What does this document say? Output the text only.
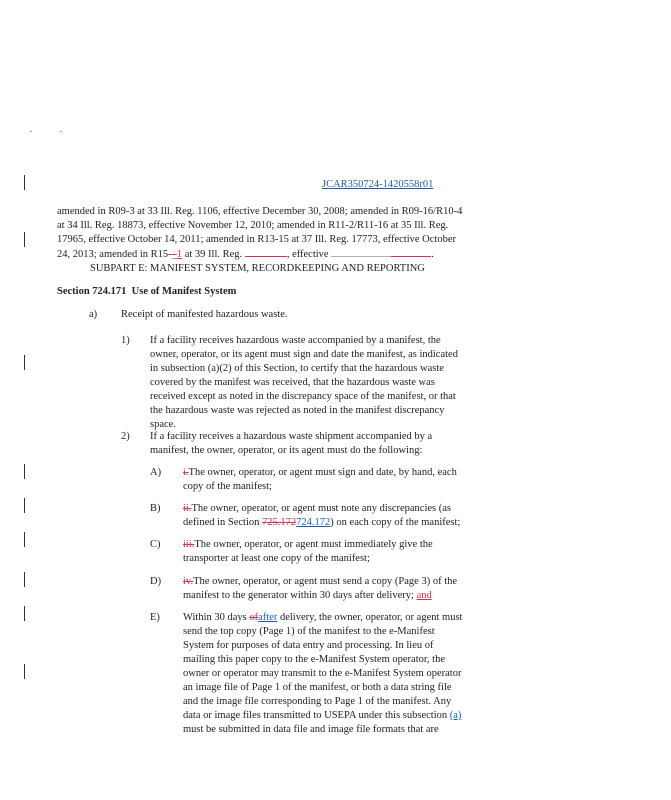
JCAR350724-1420558r01
amended in R09-3 at 33 Ill. Reg. 1106, effective December 30, 2008; amended in R09-16/R10-4
at 34 Ill. Reg. 18873, effective November 12, 2010; amended in R11-2/R11-16 at 35 Ill. Reg.
17965, effective October 14, 2011; amended in R13-15 at 37 Ill. Reg. 17773, effective October
24, 2013; amended in R15-_1 at 39 Ill. Reg.	, effective	.
SUBPART E: MANIFEST SYSTEM, RECORDKEEPING AND REPORTING
Section 724.171 Use of Manifest System
a) Receipt of manifested hazardous waste.
1) If a facility receives hazardous waste accompanied by a manifest, the
owner, operator, or its agent must sign and date the manifest, as indicated
in subsection (a)(2) of this Section, to certify that the hazardous waste
covered by the manifest was received, that the hazardous waste was
received except as noted in the discrepancy space of the manifest, or that
the hazardous waste was rejected as noted in the manifest discrepancy
space.
2) If a facility receives a hazardous waste shipment accompanied by a
manifest, the owner, operator, or its agent must do the following:
A) i.The owner, operator, or agent must sign and date, by hand, each
copy of the manifest;
B) ii.The owner, operator, or agent must note any discrepancies (as
defined in Section 725.172724.172) on each copy of the manifest;
C) iii.The owner, operator, or agent must immediately give the
transporter at least one copy of the manifest;
D) iv.The owner, operator, or agent must send a copy (Page 3) of the
manifest to the generator within 30 days after delivery; and
E) Within 30 days ofafter delivery, the owner, operator, or agent must
send the top copy (Page 1) of the manifest to the e-Manifest
System for purposes of data entry and processing. In lieu of
mailing this paper copy to the e-Manifest System operator, the
owner or operator may transmit to the e-Manifest System operator
an image file of Page 1 of the manifest, or both a data string file
and the image file corresponding to Page 1 of the manifest. Any
data or image files transmitted to USEPA under this subsection (a)
must be submitted in data file and image file formats that are
